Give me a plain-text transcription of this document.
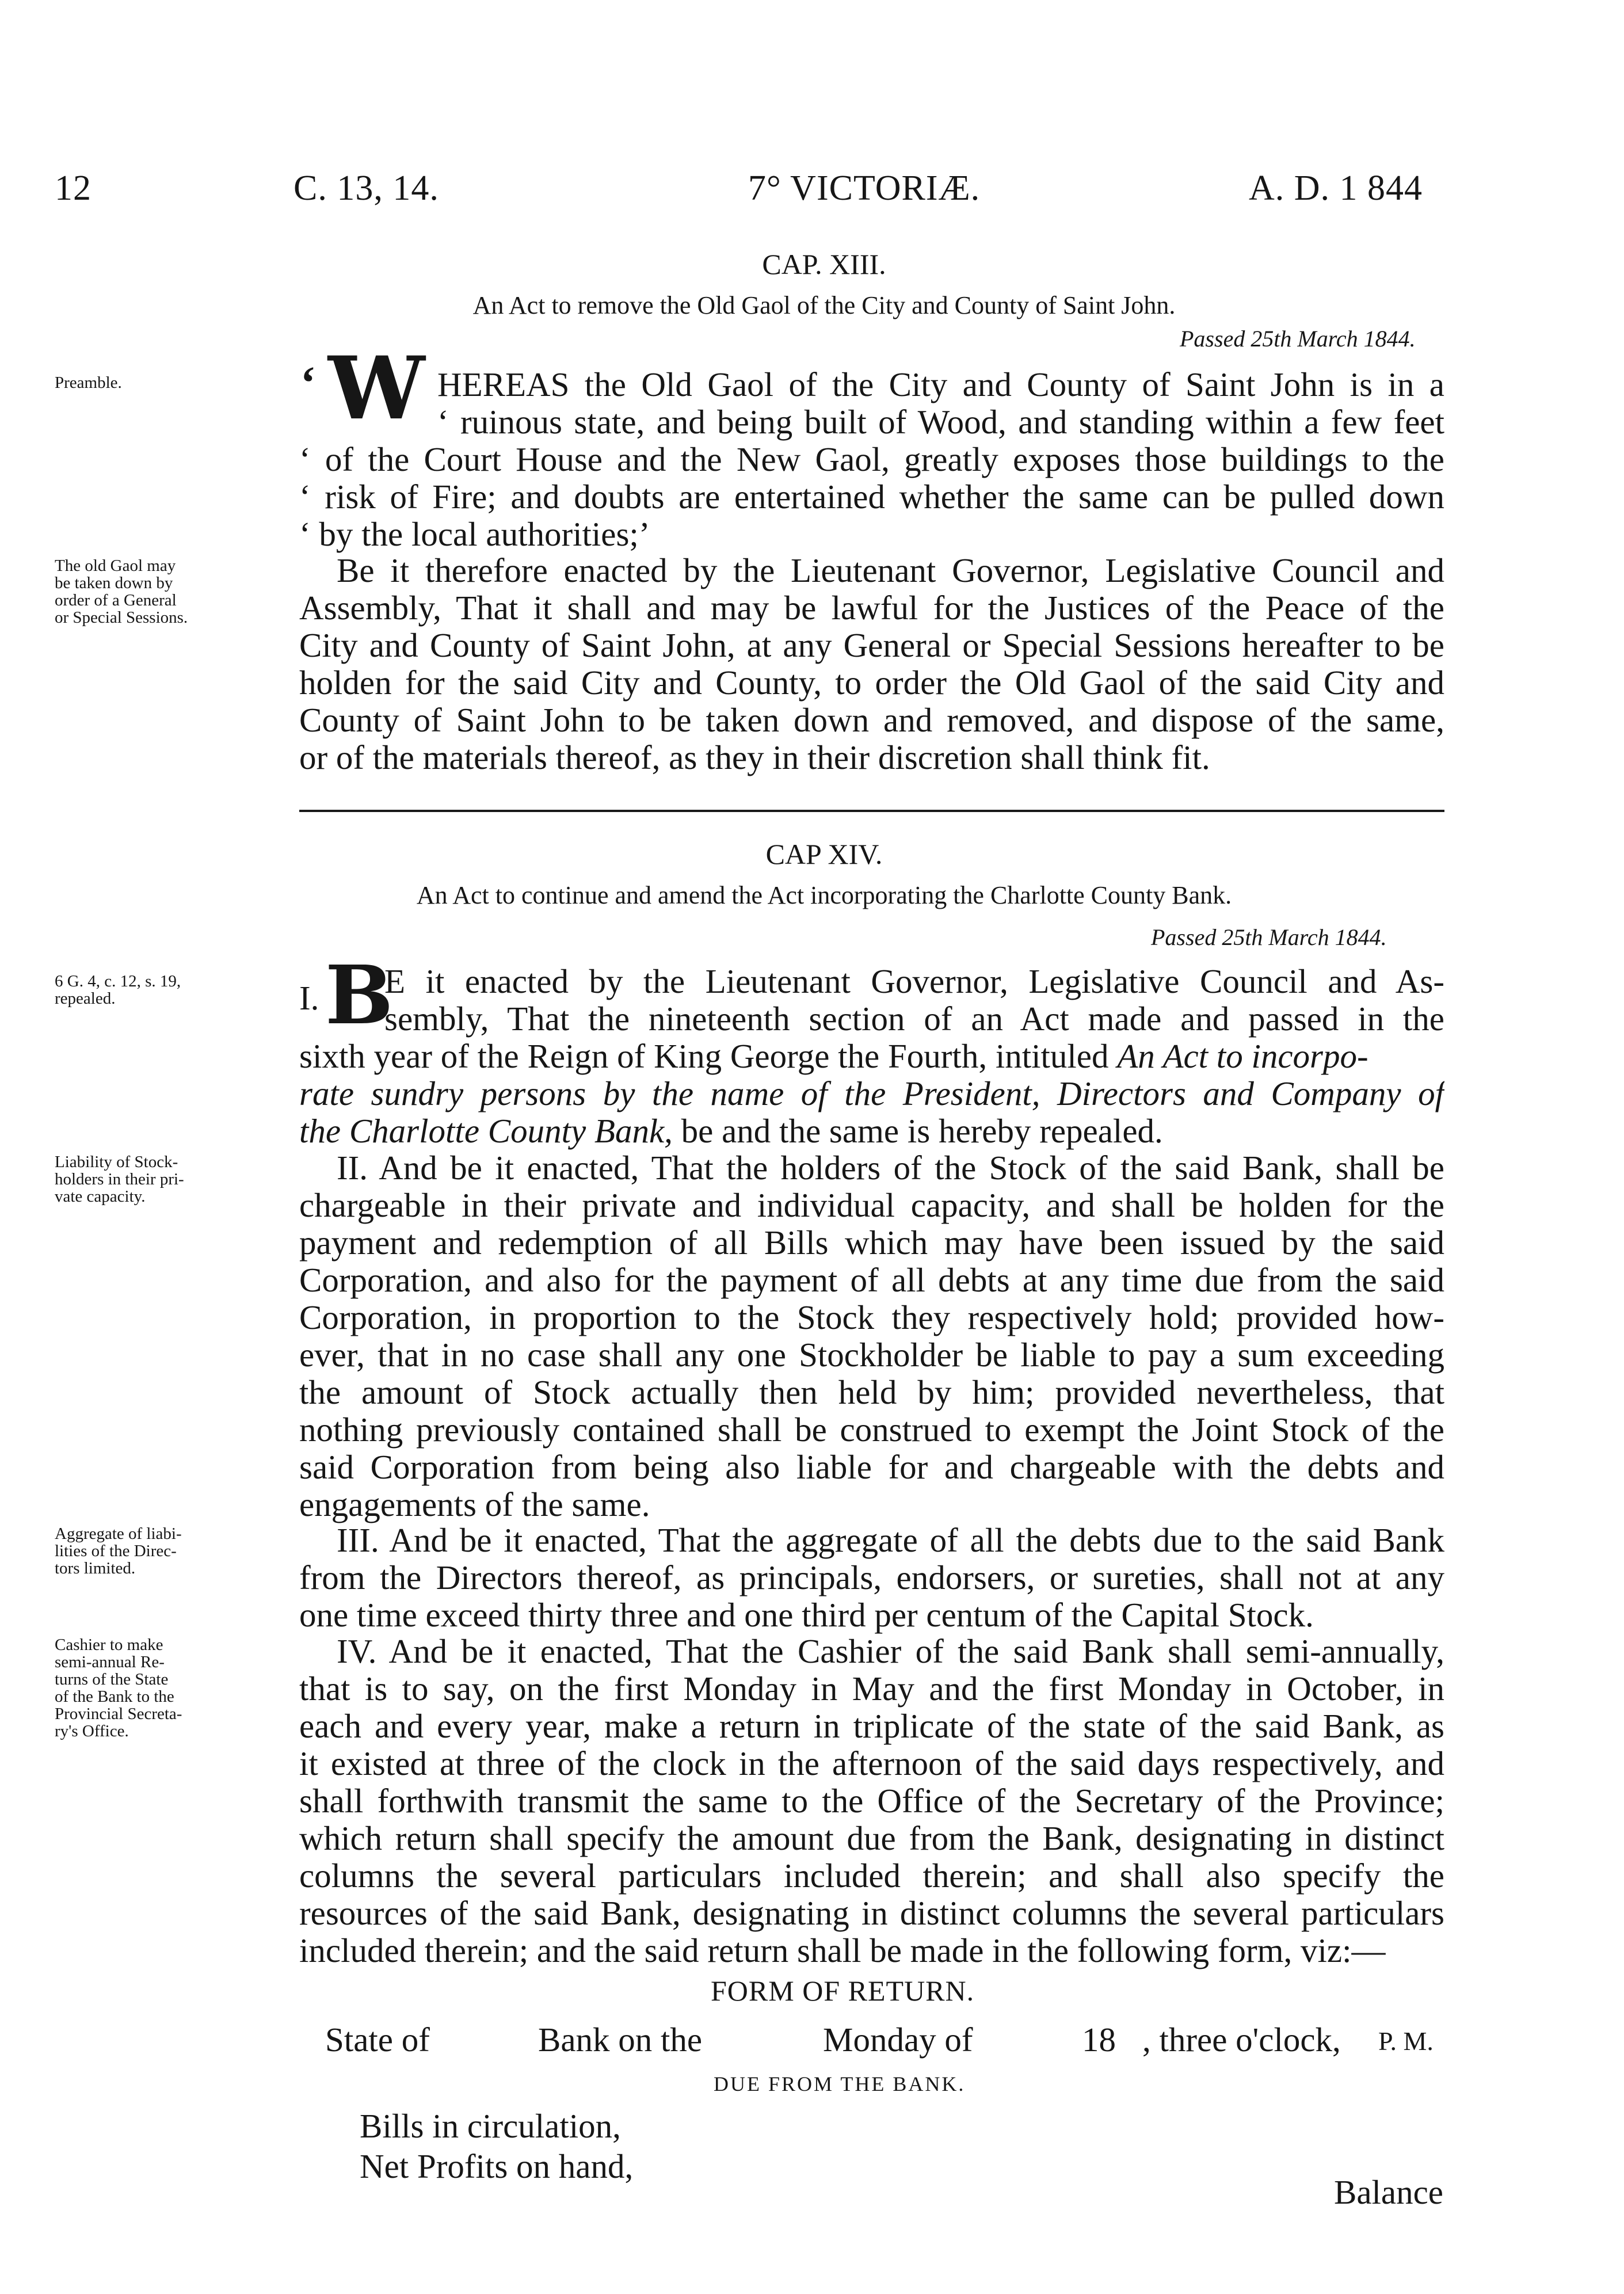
12	C. 13, 14.	7° VICTORIÆ.	A. D. 1 844
CAP. XIII.
An Act to remove the Old Gaol of the City and County of Saint John.
Passed 25th March 1844.
Preamble.	‘ W HEREAS the Old Gaol of the City and County of Saint John is in a
‘ ruinous state, and being built of Wood, and standing within a few feet
‘ of the Court House and the New Gaol, greatly exposes those buildings to the
‘ risk of Fire; and doubts are entertained whether the same can be pulled down
‘ by the local authorities;’
The old Gaol may
be taken down by
order of a General
or Special Sessions.
Be it therefore enacted by the Lieutenant Governor, Legislative Council and
Assembly, That it shall and may be lawful for the Justices of the Peace of the
City and County of Saint John, at any General or Special Sessions hereafter to be
holden for the said City and County, to order the Old Gaol of the said City and
County of Saint John to be taken down and removed, and dispose of the same,
or of the materials thereof, as they in their discretion shall think fit.
CAP XIV.
An Act to continue and amend the Act incorporating the Charlotte County Bank.
Passed 25th March 1844.
6 G. 4, c. 12, s. 19,
repealed.	I. B
E it enacted by the Lieutenant Governor, Legislative Council and As-
sembly, That the nineteenth section of an Act made and passed in the
sixth year of the Reign of King George the Fourth, intituled An Act to incorpo-
rate sundry persons by the name of the President, Directors and Company of
the Charlotte County Bank, be and the same is hereby repealed.
Liability of Stock-
holders in their pri-
vate capacity.
II. And be it enacted, That the holders of the Stock of the said Bank, shall be
chargeable in their private and individual capacity, and shall be holden for the
payment and redemption of all Bills which may have been issued by the said
Corporation, and also for the payment of all debts at any time due from the said
Corporation, in proportion to the Stock they respectively hold; provided how-
ever, that in no case shall any one Stockholder be liable to pay a sum exceeding
the amount of Stock actually then held by him; provided nevertheless, that
nothing previously contained shall be construed to exempt the Joint Stock of the
said Corporation from being also liable for and chargeable with the debts and
engagements of the same.
Aggregate of liabi-
lities of the Direc-
tors limited.
III. And be it enacted, That the aggregate of all the debts due to the said Bank
from the Directors thereof, as principals, endorsers, or sureties, shall not at any
one time exceed thirty three and one third per centum of the Capital Stock.
Cashier to make
semi-annual Re-
turns of the State
of the Bank to the
Provincial Secreta-
ry's Office.
IV. And be it enacted, That the Cashier of the said Bank shall semi-annually,
that is to say, on the first Monday in May and the first Monday in October, in
each and every year, make a return in triplicate of the state of the said Bank, as
it existed at three of the clock in the afternoon of the said days respectively, and
shall forthwith transmit the same to the Office of the Secretary of the Province;
which return shall specify the amount due from the Bank, designating in distinct
columns the several particulars included therein; and shall also specify the
resources of the said Bank, designating in distinct columns the several particulars
included therein; and the said return shall be made in the following form, viz:—
FORM OF RETURN.
State of	Bank on the	Monday of	18 , three o'clock, P. M.
DUE FROM THE BANK.
Bills in circulation,
Net Profits on hand,
Balance
